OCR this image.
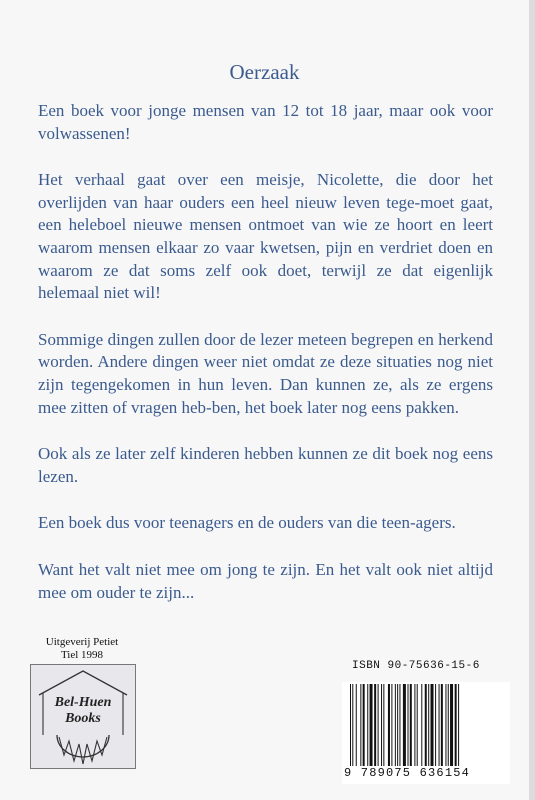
Oerzaak

Een boek voor jonge mensen van 12 tot 18 jaar, maar ook voor volwassenen!

Het verhaal gaat over een meisje, Nicolette, die door het overlijden van haar ouders een heel nieuw leven tege-moet gaat, een heleboel nieuwe mensen ontmoet van wie ze hoort en leert waarom mensen elkaar zo vaar kwetsen, pijn en verdriet doen en waarom ze dat soms zelf ook doet, terwijl ze dat eigenlijk helemaal niet wil!

Sommige dingen zullen door de lezer meteen begrepen en herkend worden. Andere dingen weer niet omdat ze deze situaties nog niet zijn tegengekomen in hun leven. Dan kunnen ze, als ze ergens mee zitten of vragen heb-ben, het boek later nog eens pakken.

Ook als ze later zelf kinderen hebben kunnen ze dit boek nog eens lezen.

Een boek dus voor teenagers en de ouders van die teen-agers.

Want het valt niet mee om jong te zijn. En het valt ook niet altijd mee om ouder te zijn...

Uitgeverij Petiet
Tiel 1998
Bel-Huen
Books
ISBN 90-75636-15-6
9 789075 636154
